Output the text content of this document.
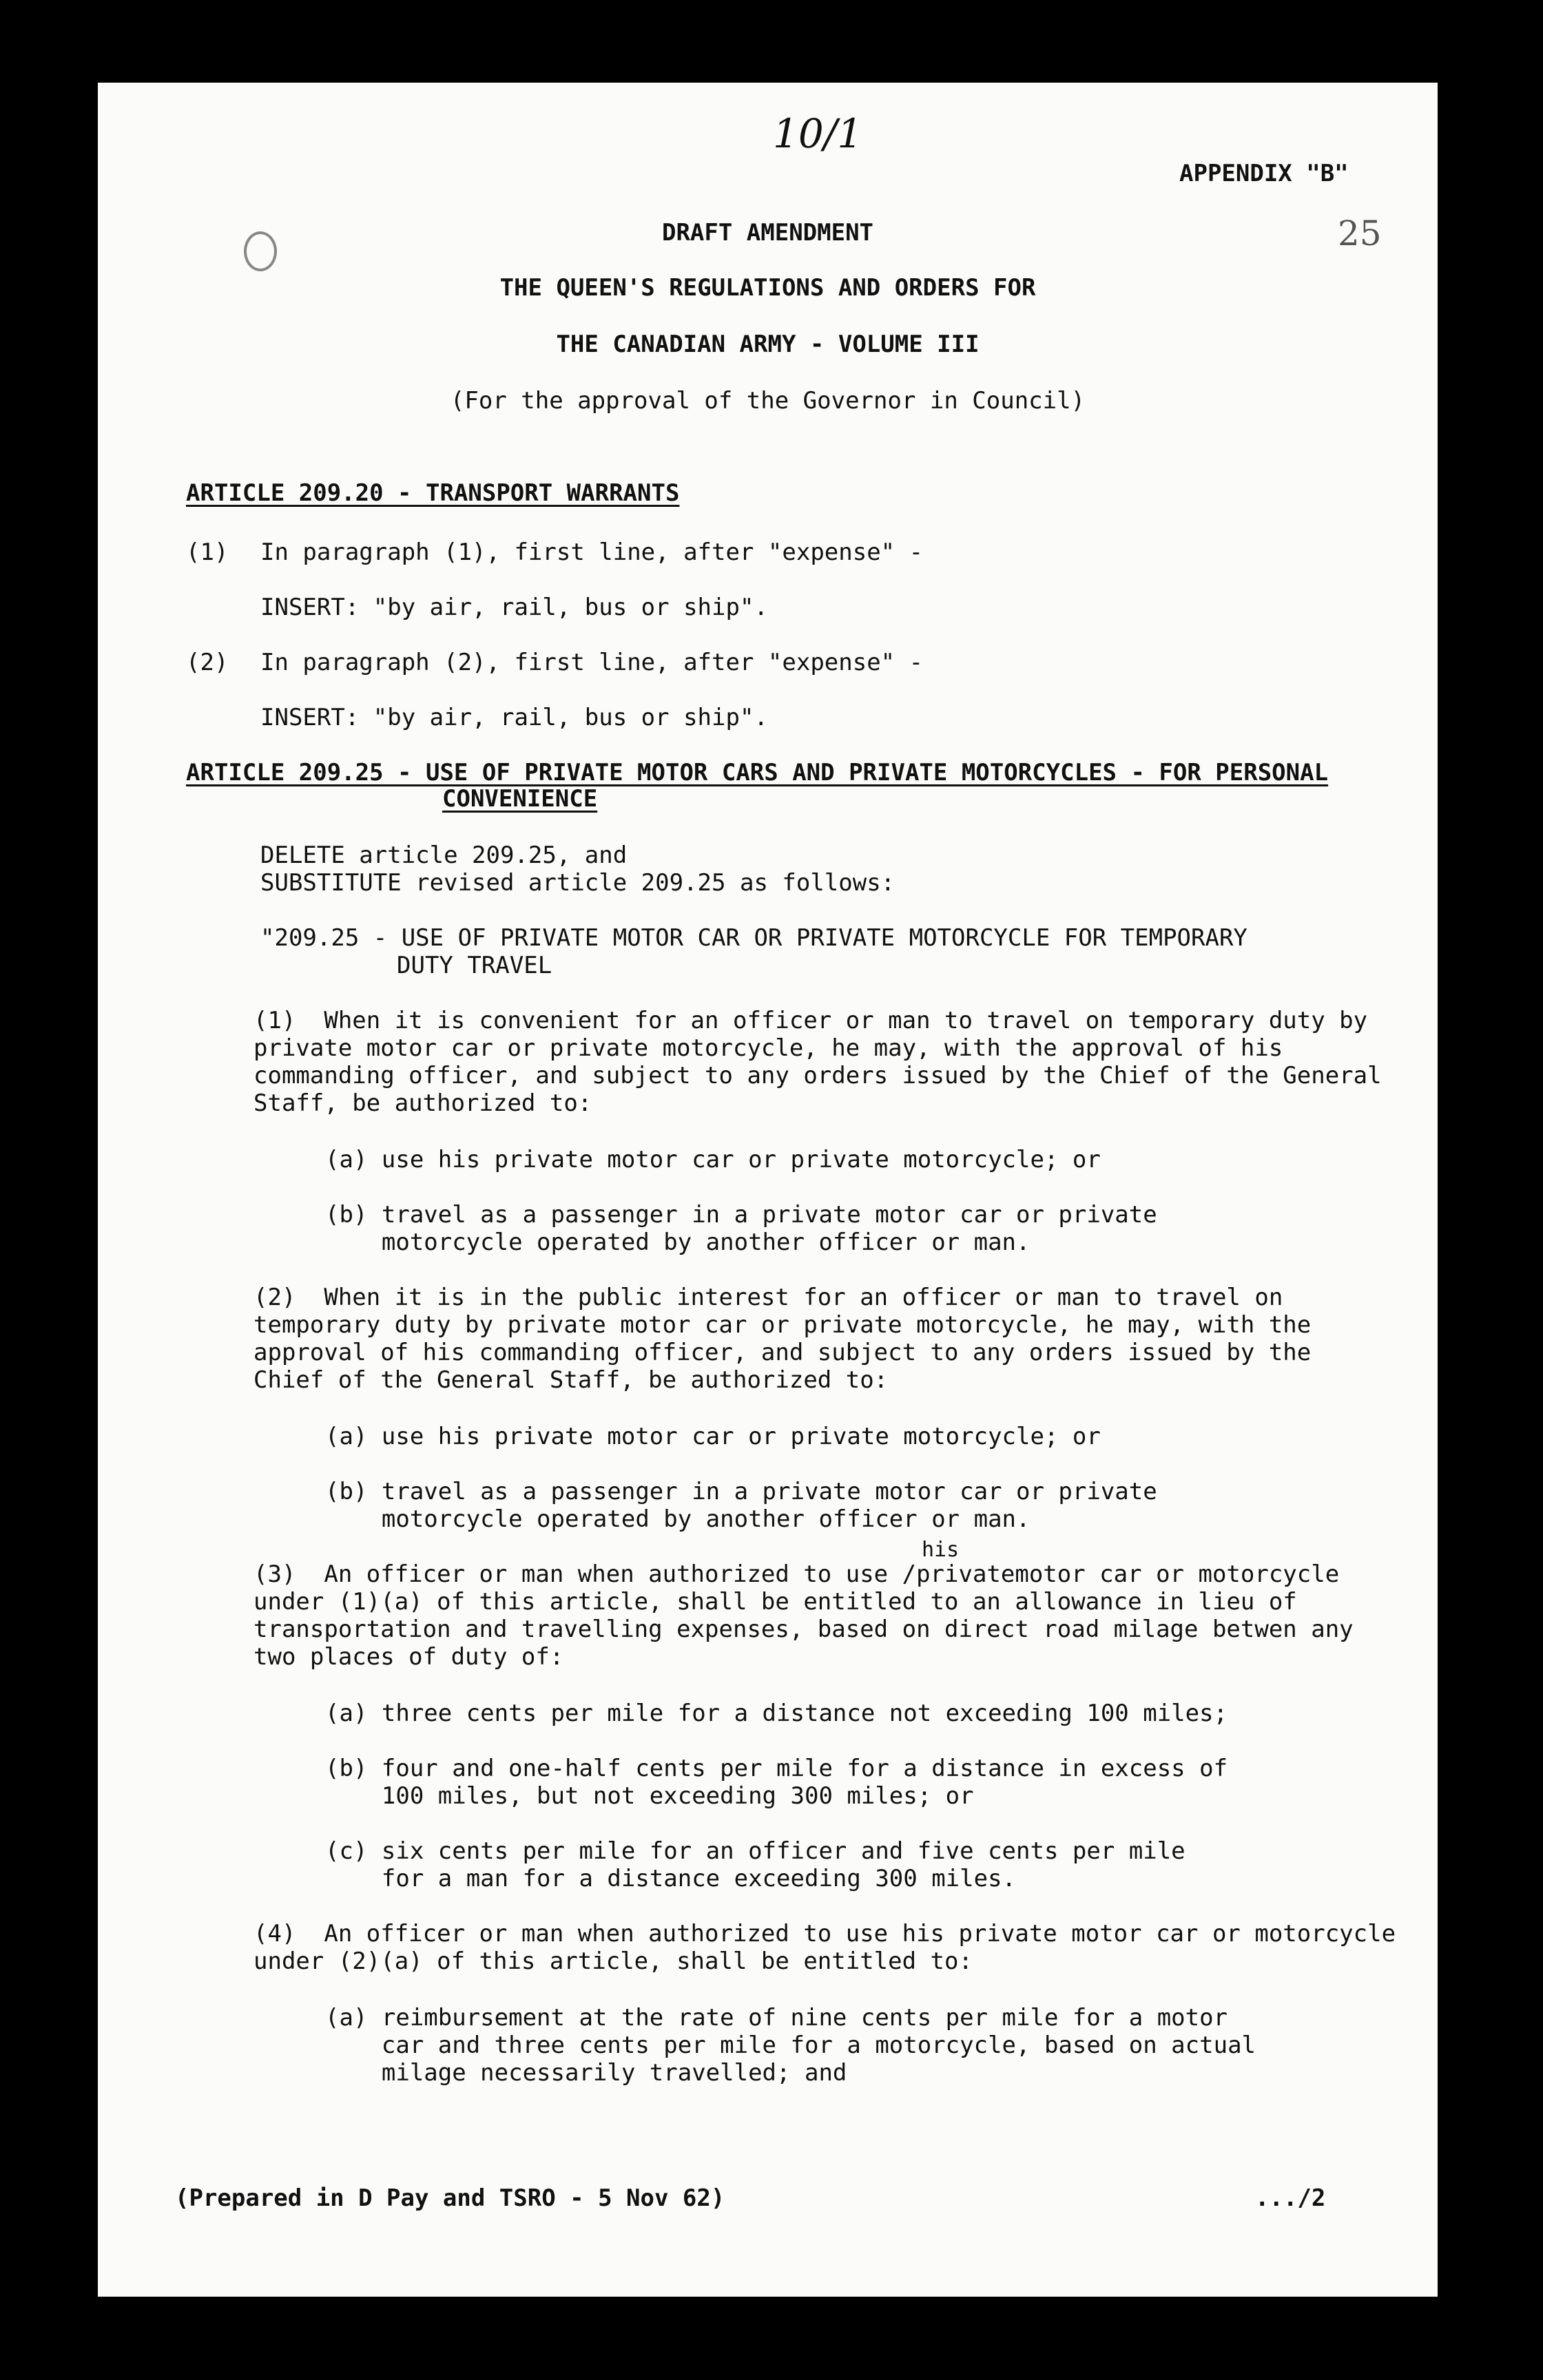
10/1
25
APPENDIX "B"
DRAFT AMENDMENT
THE QUEEN'S REGULATIONS AND ORDERS FOR
THE CANADIAN ARMY - VOLUME III
(For the approval of the Governor in Council)
ARTICLE 209.20 - TRANSPORT WARRANTS
(1) In paragraph (1), first line, after "expense" -
INSERT: "by air, rail, bus or ship".
(2) In paragraph (2), first line, after "expense" -
INSERT: "by air, rail, bus or ship".
ARTICLE 209.25 - USE OF PRIVATE MOTOR CARS AND PRIVATE MOTORCYCLES - FOR PERSONAL
CONVENIENCE
DELETE article 209.25, and
SUBSTITUTE revised article 209.25 as follows:
"209.25 - USE OF PRIVATE MOTOR CAR OR PRIVATE MOTORCYCLE FOR TEMPORARY
DUTY TRAVEL
(1)  When it is convenient for an officer or man to travel on temporary duty by
private motor car or private motorcycle, he may, with the approval of his
commanding officer, and subject to any orders issued by the Chief of the General
Staff, be authorized to:
(a) use his private motor car or private motorcycle; or
(b) travel as a passenger in a private motor car or private
motorcycle operated by another officer or man.
(2)  When it is in the public interest for an officer or man to travel on
temporary duty by private motor car or private motorcycle, he may, with the
approval of his commanding officer, and subject to any orders issued by the
Chief of the General Staff, be authorized to:
(a) use his private motor car or private motorcycle; or
(b) travel as a passenger in a private motor car or private
motorcycle operated by another officer or man.
his
(3)  An officer or man when authorized to use /privatemotor car or motorcycle
under (1)(a) of this article, shall be entitled to an allowance in lieu of
transportation and travelling expenses, based on direct road milage betwen any
two places of duty of:
(a) three cents per mile for a distance not exceeding 100 miles;
(b) four and one-half cents per mile for a distance in excess of
100 miles, but not exceeding 300 miles; or
(c) six cents per mile for an officer and five cents per mile
for a man for a distance exceeding 300 miles.
(4)  An officer or man when authorized to use his private motor car or motorcycle
under (2)(a) of this article, shall be entitled to:
(a) reimbursement at the rate of nine cents per mile for a motor
car and three cents per mile for a motorcycle, based on actual
milage necessarily travelled; and
(Prepared in D Pay and TSRO - 5 Nov 62)	.../2
